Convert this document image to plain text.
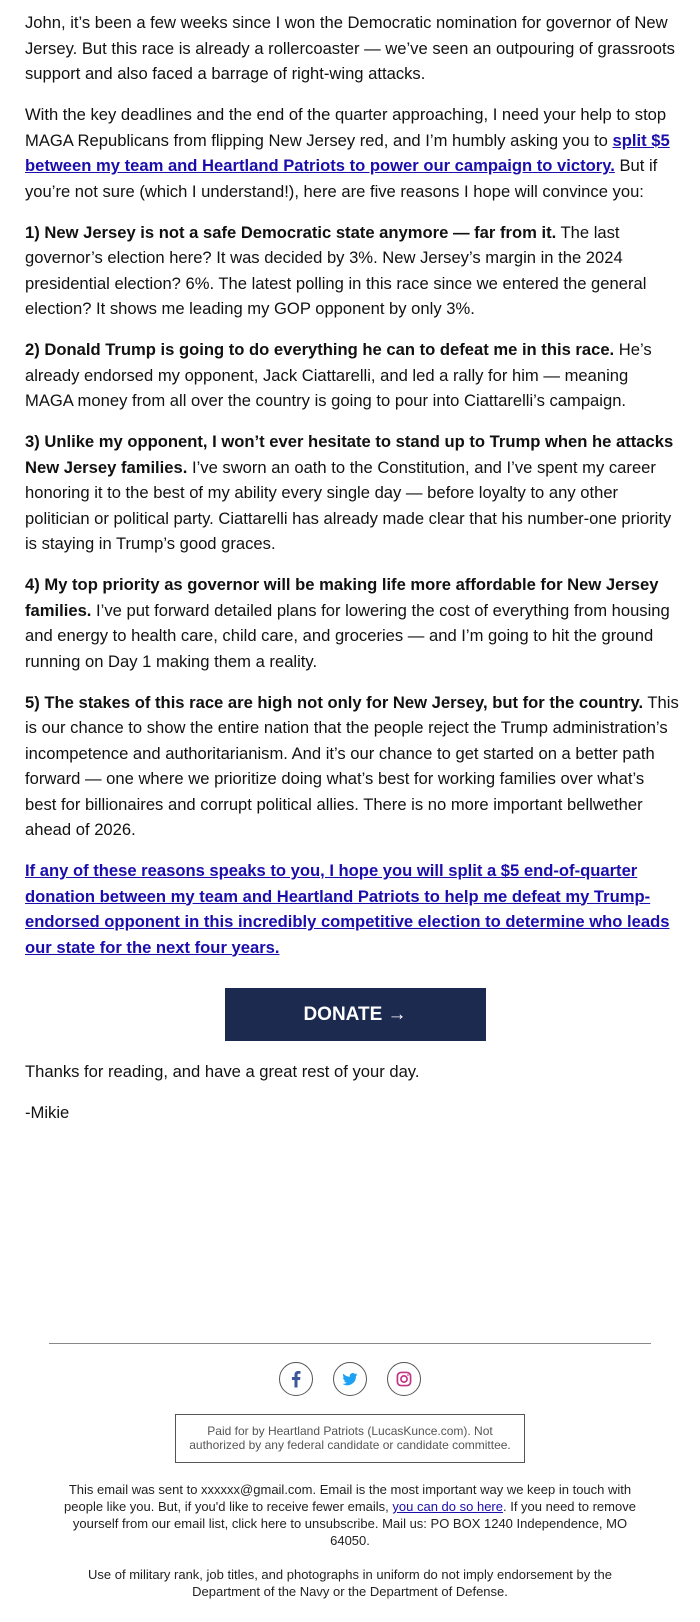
John, it’s been a few weeks since I won the Democratic nomination for governor of New Jersey. But this race is already a rollercoaster — we’ve seen an outpouring of grassroots support and also faced a barrage of right-wing attacks.

With the key deadlines and the end of the quarter approaching, I need your help to stop MAGA Republicans from flipping New Jersey red, and I’m humbly asking you to split $5 between my team and Heartland Patriots to power our campaign to victory. But if you’re not sure (which I understand!), here are five reasons I hope will convince you:

1) New Jersey is not a safe Democratic state anymore — far from it. The last governor’s election here? It was decided by 3%. New Jersey’s margin in the 2024 presidential election? 6%. The latest polling in this race since we entered the general election? It shows me leading my GOP opponent by only 3%.

2) Donald Trump is going to do everything he can to defeat me in this race. He’s already endorsed my opponent, Jack Ciattarelli, and led a rally for him — meaning MAGA money from all over the country is going to pour into Ciattarelli’s campaign.

3) Unlike my opponent, I won’t ever hesitate to stand up to Trump when he attacks New Jersey families. I’ve sworn an oath to the Constitution, and I’ve spent my career honoring it to the best of my ability every single day — before loyalty to any other politician or political party. Ciattarelli has already made clear that his number-one priority is staying in Trump’s good graces.

4) My top priority as governor will be making life more affordable for New Jersey families. I’ve put forward detailed plans for lowering the cost of everything from housing and energy to health care, child care, and groceries — and I’m going to hit the ground running on Day 1 making them a reality.

5) The stakes of this race are high not only for New Jersey, but for the country. This is our chance to show the entire nation that the people reject the Trump administration’s incompetence and authoritarianism. And it’s our chance to get started on a better path forward — one where we prioritize doing what’s best for working families over what’s best for billionaires and corrupt political allies. There is no more important bellwether ahead of 2026.

If any of these reasons speaks to you, I hope you will split a $5 end-of-quarter donation between my team and Heartland Patriots to help me defeat my Trump-endorsed opponent in this incredibly competitive election to determine who leads our state for the next four years.

DONATE →

Thanks for reading, and have a great rest of your day.

-Mikie

Paid for by Heartland Patriots (LucasKunce.com). Not authorized by any federal candidate or candidate committee.

This email was sent to xxxxxx@gmail.com. Email is the most important way we keep in touch with people like you. But, if you'd like to receive fewer emails, you can do so here. If you need to remove yourself from our email list, click here to unsubscribe. Mail us: PO BOX 1240 Independence, MO 64050.

Use of military rank, job titles, and photographs in uniform do not imply endorsement by the Department of the Navy or the Department of Defense.
